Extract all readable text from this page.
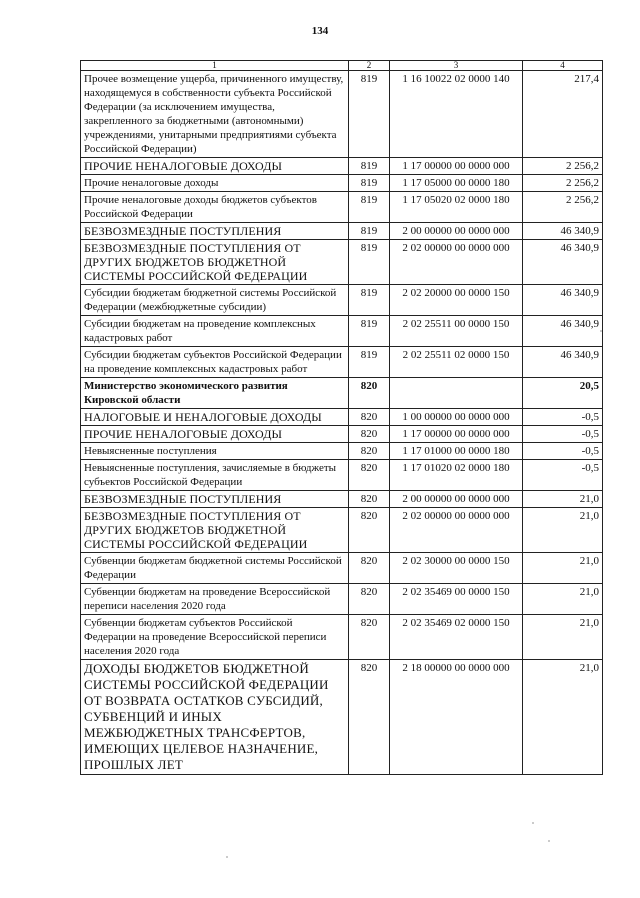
134
1	2	3	4
Прочее возмещение ущерба, причиненного имуществу, находящемуся в собственности субъекта Российской Федерации (за исключением имущества, закрепленного за бюджетными (автономными) учреждениями, унитарными предприятиями субъекта Российской Федерации)	819	1 16 10022 02 0000 140	217,4
ПРОЧИЕ НЕНАЛОГОВЫЕ ДОХОДЫ	819	1 17 00000 00 0000 000	2 256,2
Прочие неналоговые доходы	819	1 17 05000 00 0000 180	2 256,2
Прочие неналоговые доходы бюджетов субъектов Российской Федерации	819	1 17 05020 02 0000 180	2 256,2
БЕЗВОЗМЕЗДНЫЕ ПОСТУПЛЕНИЯ	819	2 00 00000 00 0000 000	46 340,9
БЕЗВОЗМЕЗДНЫЕ ПОСТУПЛЕНИЯ ОТ ДРУГИХ БЮДЖЕТОВ БЮДЖЕТНОЙ СИСТЕМЫ РОССИЙСКОЙ ФЕДЕРАЦИИ	819	2 02 00000 00 0000 000	46 340,9
Субсидии бюджетам бюджетной системы Российской Федерации (межбюджетные субсидии)	819	2 02 20000 00 0000 150	46 340,9
Субсидии бюджетам на проведение комплексных кадастровых работ	819	2 02 25511 00 0000 150	46 340,9
Субсидии бюджетам субъектов Российской Федерации на проведение комплексных кадастровых работ	819	2 02 25511 02 0000 150	46 340,9
Министерство экономического развития Кировской области	820		20,5
НАЛОГОВЫЕ И НЕНАЛОГОВЫЕ ДОХОДЫ	820	1 00 00000 00 0000 000	-0,5
ПРОЧИЕ НЕНАЛОГОВЫЕ ДОХОДЫ	820	1 17 00000 00 0000 000	-0,5
Невыясненные поступления	820	1 17 01000 00 0000 180	-0,5
Невыясненные поступления, зачисляемые в бюджеты субъектов Российской Федерации	820	1 17 01020 02 0000 180	-0,5
БЕЗВОЗМЕЗДНЫЕ ПОСТУПЛЕНИЯ	820	2 00 00000 00 0000 000	21,0
БЕЗВОЗМЕЗДНЫЕ ПОСТУПЛЕНИЯ ОТ ДРУГИХ БЮДЖЕТОВ БЮДЖЕТНОЙ СИСТЕМЫ РОССИЙСКОЙ ФЕДЕРАЦИИ	820	2 02 00000 00 0000 000	21,0
Субвенции бюджетам бюджетной системы Российской Федерации	820	2 02 30000 00 0000 150	21,0
Субвенции бюджетам на проведение Всероссийской переписи населения 2020 года	820	2 02 35469 00 0000 150	21,0
Субвенции бюджетам субъектов Российской Федерации на проведение Всероссийской переписи населения 2020 года	820	2 02 35469 02 0000 150	21,0
ДОХОДЫ БЮДЖЕТОВ БЮДЖЕТНОЙ СИСТЕМЫ РОССИЙСКОЙ ФЕДЕРАЦИИ ОТ ВОЗВРАТА ОСТАТКОВ СУБСИДИЙ, СУБВЕНЦИЙ И ИНЫХ МЕЖБЮДЖЕТНЫХ ТРАНСФЕРТОВ, ИМЕЮЩИХ ЦЕЛЕВОЕ НАЗНАЧЕНИЕ, ПРОШЛЫХ ЛЕТ	820	2 18 00000 00 0000 000	21,0
